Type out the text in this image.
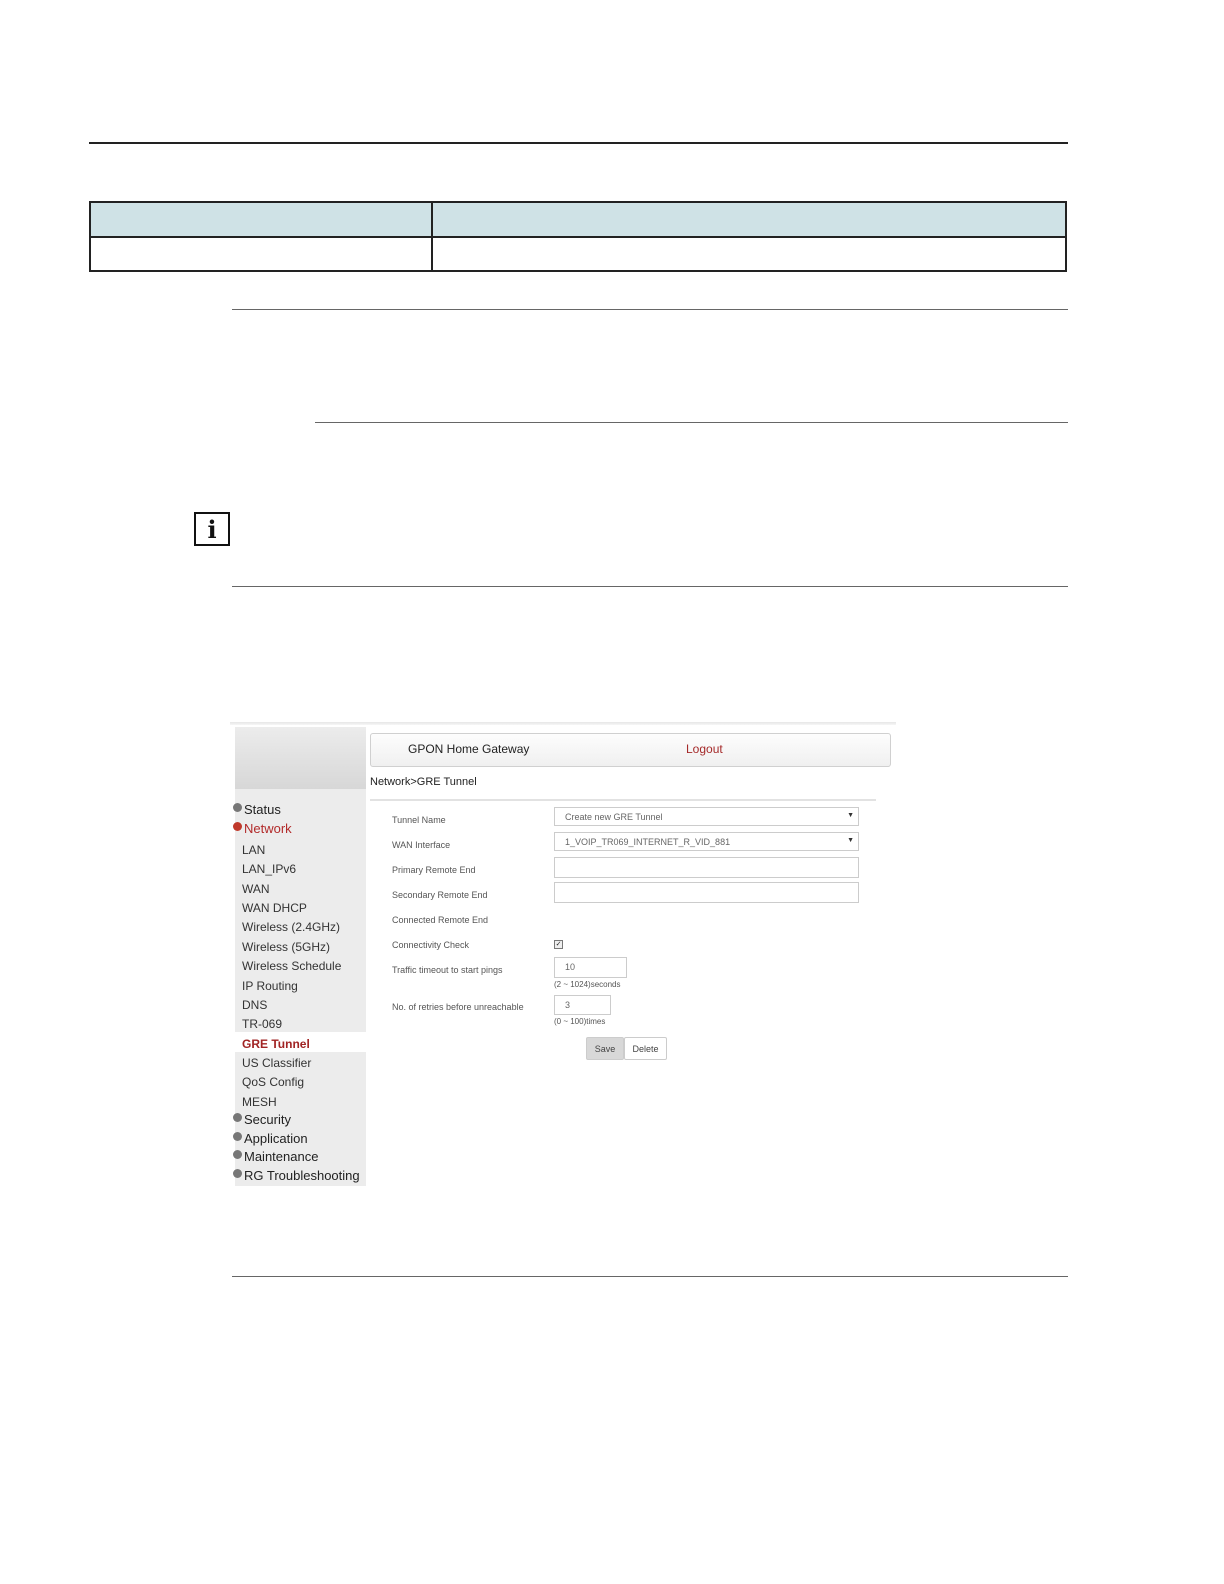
i
Status
Network
LAN
LAN_IPv6
WAN
WAN DHCP
Wireless (2.4GHz)
Wireless (5GHz)
Wireless Schedule
IP Routing
DNS
TR-069
GRE Tunnel
US Classifier
QoS Config
MESH
Security
Application
Maintenance
RG Troubleshooting
GPON Home Gateway	Logout
Network>GRE Tunnel
Tunnel Name	Create new GRE Tunnel	▼
WAN Interface	1_VOIP_TR069_INTERNET_R_VID_881	▼
Primary Remote End
Secondary Remote End
Connected Remote End
Connectivity Check	✓
Traffic timeout to start pings	10
(2 ~ 1024)seconds
No. of retries before unreachable	3
(0 ~ 100)times
Save	Delete
